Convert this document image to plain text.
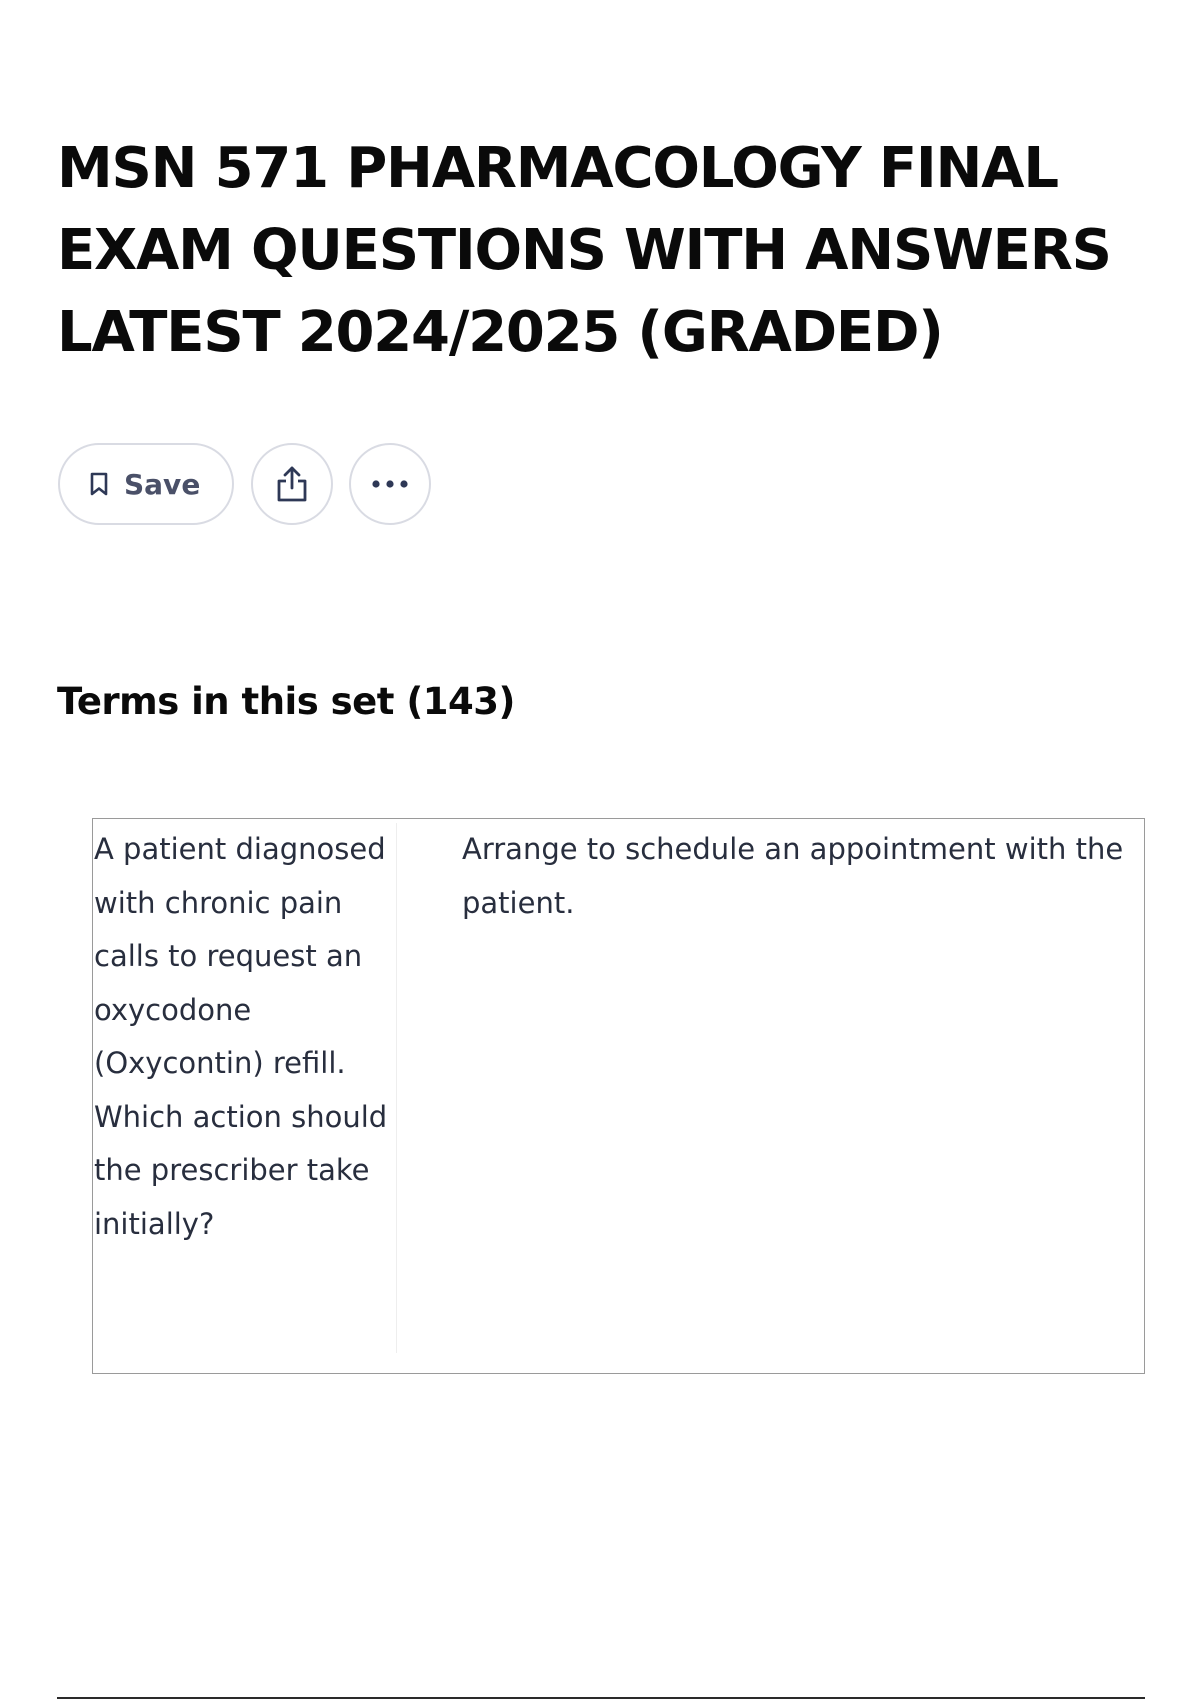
MSN 571 PHARMACOLOGY FINAL EXAM QUESTIONS WITH ANSWERS LATEST 2024/2025 (GRADED)
Save
Terms in this set (143)
A patient diagnosed with chronic pain calls to request an oxycodone (Oxycontin) refill. Which action should the prescriber take initially?
Arrange to schedule an appointment with the patient.
